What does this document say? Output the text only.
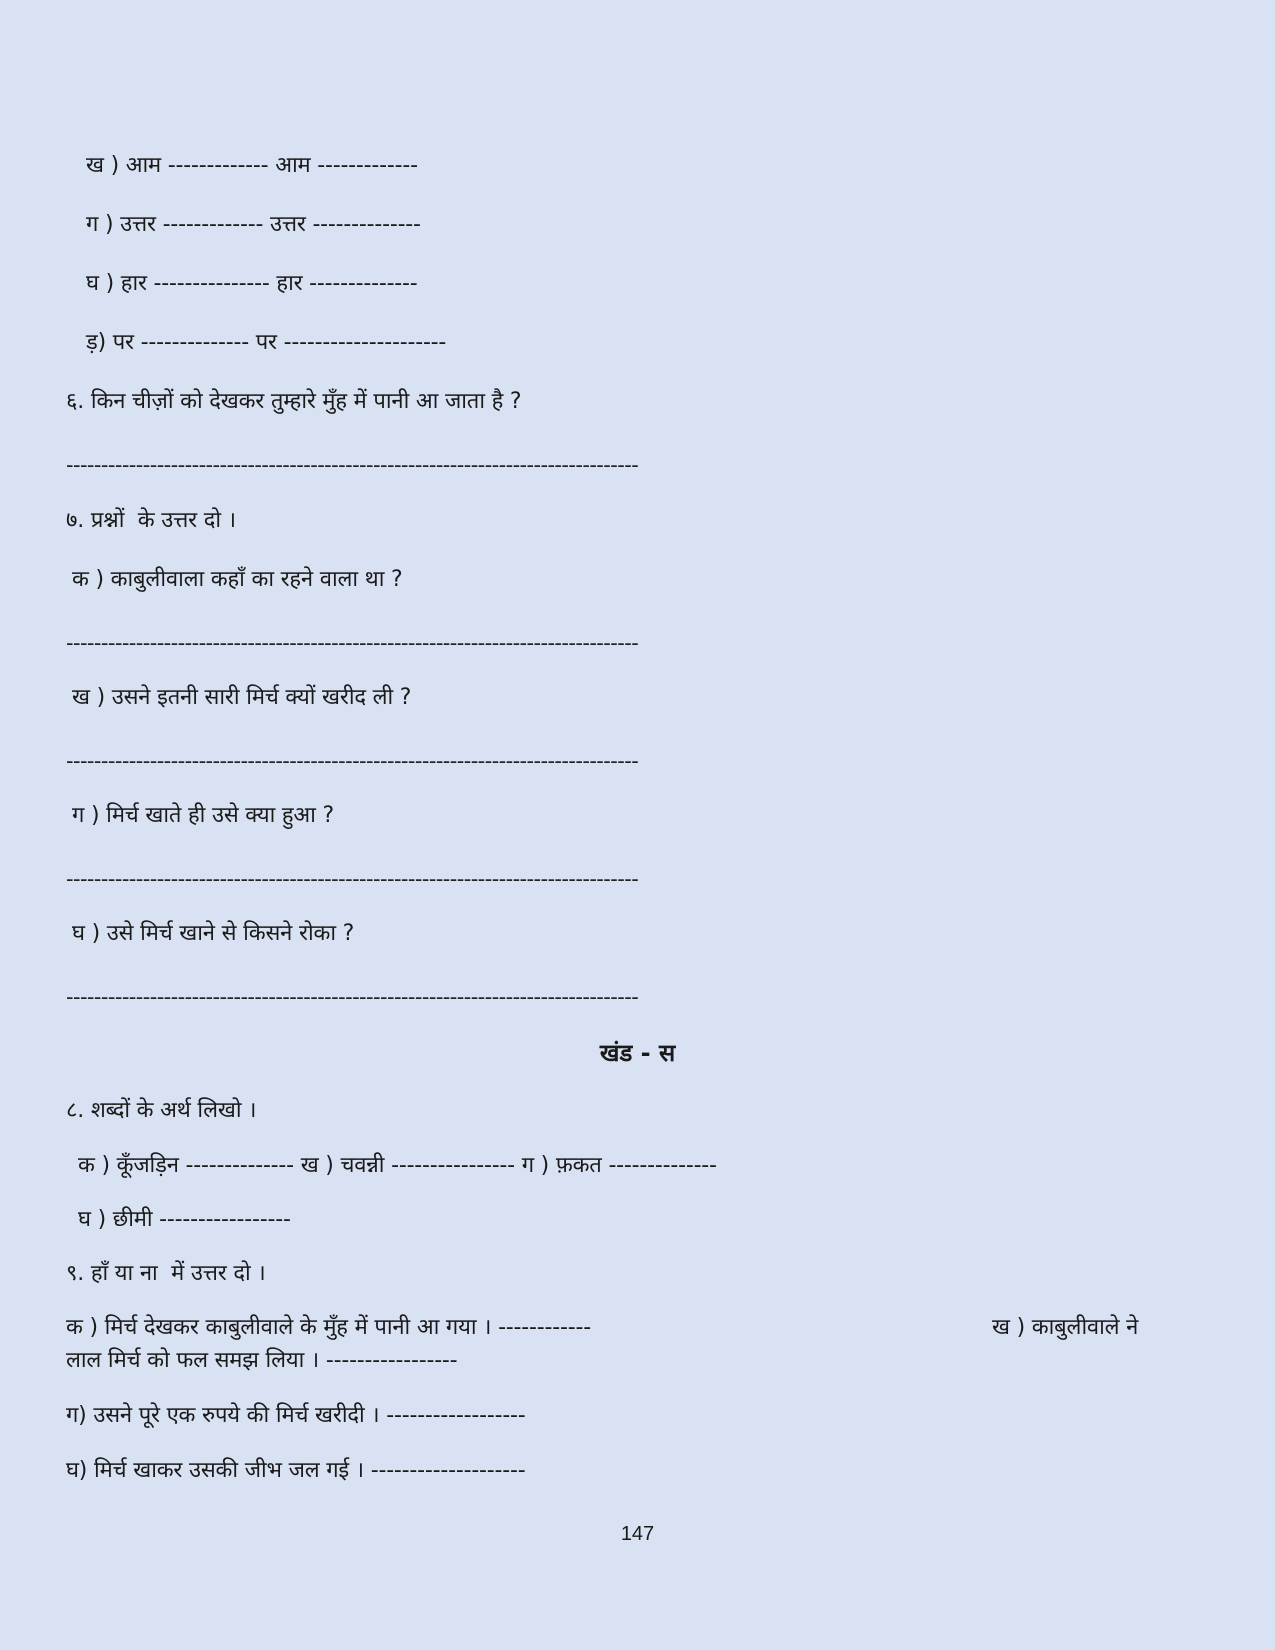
ख ) आम ------------- आम -------------
ग ) उत्तर ------------- उत्तर --------------
घ ) हार --------------- हार --------------
ड़) पर -------------- पर ---------------------
६. किन चीज़ों को देखकर तुम्हारे मुँह में पानी आ जाता है ?
----------------------------------------------------------------------------------
७. प्रश्नों  के उत्तर दो ।
क ) काबुलीवाला कहाँ का रहने वाला था ?
----------------------------------------------------------------------------------
ख ) उसने इतनी सारी मिर्च क्यों खरीद ली ?
----------------------------------------------------------------------------------
ग ) मिर्च खाते ही उसे क्या हुआ ?
----------------------------------------------------------------------------------
घ ) उसे मिर्च खाने से किसने रोका ?
----------------------------------------------------------------------------------
खंड - स
८. शब्दों के अर्थ लिखो ।
क ) कूँजड़िन -------------- ख ) चवन्नी ---------------- ग ) फ़कत --------------
घ ) छीमी -----------------
९. हाँ या ना  में उत्तर दो ।
क ) मिर्च देखकर काबुलीवाले के मुँह में पानी आ गया । ------------	ख ) काबुलीवाले ने
लाल मिर्च को फल समझ लिया । -----------------
ग) उसने पूरे एक रुपये की मिर्च खरीदी । ------------------
घ) मिर्च खाकर उसकी जीभ जल गई । --------------------
147
